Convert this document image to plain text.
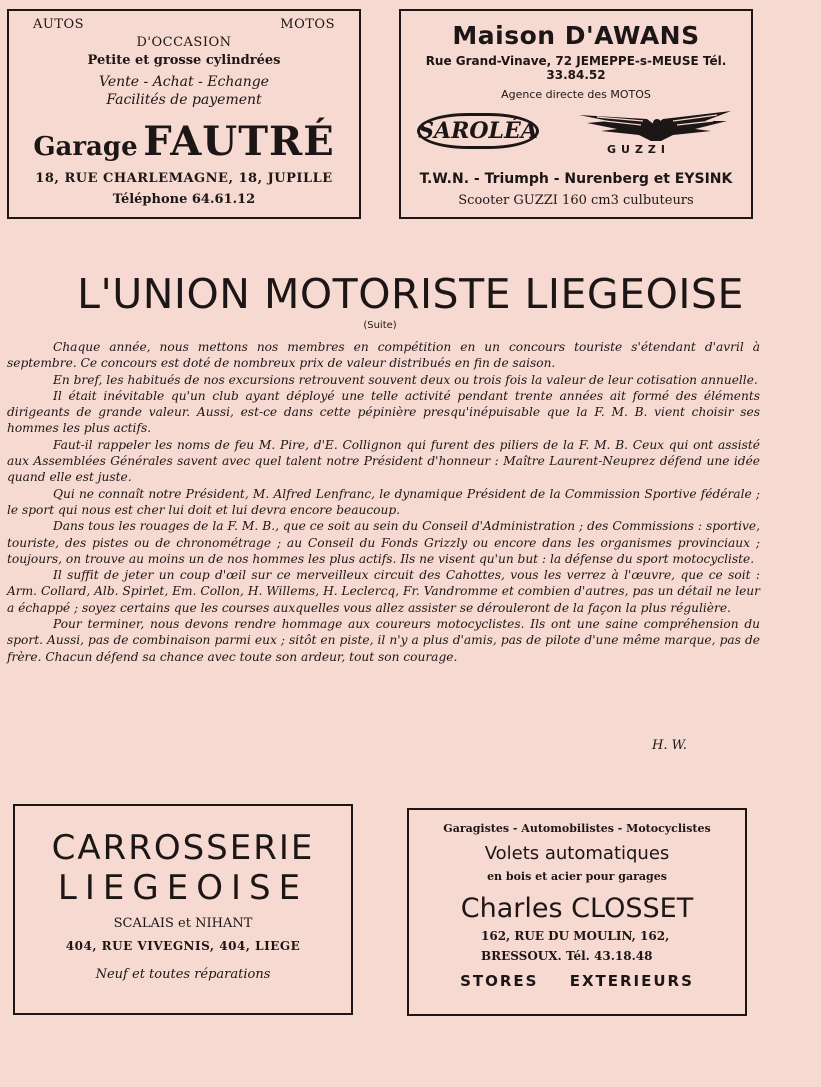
AUTOS	MOTOS

D'OCCASION

Petite et grosse cylindrées

Vente - Achat - Echange

Facilités de payement

Garage FAUTRÉ

18, RUE CHARLEMAGNE, 18, JUPILLE

Téléphone 64.61.12

Maison D'AWANS

Rue Grand-Vinave, 72 JEMEPPE-s-MEUSE Tél. 33.84.52

Agence directe des MOTOS

SAROLÉA
GUZZI

T.W.N. - Triumph - Nurenberg et EYSINK

Scooter GUZZI 160 cm3 culbuteurs

L'UNION MOTORISTE LIEGEOISE
(Suite)

Chaque année, nous mettons nos membres en compétition en un concours touriste s'étendant d'avril à septembre. Ce concours est doté de nombreux prix de valeur distribués en fin de saison.

En bref, les habitués de nos excursions retrouvent souvent deux ou trois fois la valeur de leur cotisation annuelle.

Il était inévitable qu'un club ayant déployé une telle activité pendant trente années ait formé des éléments dirigeants de grande valeur. Aussi, est-ce dans cette pépinière presqu'inépuisable que la F. M. B. vient choisir ses hommes les plus actifs.

Faut-il rappeler les noms de feu M. Pire, d'E. Collignon qui furent des piliers de la F. M. B. Ceux qui ont assisté aux Assemblées Générales savent avec quel talent notre Président d'honneur : Maître Laurent-Neuprez défend une idée quand elle est juste.

Qui ne connaît notre Président, M. Alfred Lenfranc, le dynamique Président de la Commission Sportive fédérale ; le sport qui nous est cher lui doit et lui devra encore beaucoup.

Dans tous les rouages de la F. M. B., que ce soit au sein du Conseil d'Administration ; des Commissions : sportive, touriste, des pistes ou de chronométrage ; au Conseil du Fonds Grizzly ou encore dans les organismes provinciaux ; toujours, on trouve au moins un de nos hommes les plus actifs. Ils ne visent qu'un but : la défense du sport motocycliste.

Il suffit de jeter un coup d'œil sur ce merveilleux circuit des Cahottes, vous les verrez à l'œuvre, que ce soit : Arm. Collard, Alb. Spirlet, Em. Collon, H. Willems, H. Leclercq, Fr. Vandromme et combien d'autres, pas un détail ne leur a échappé ; soyez certains que les courses auxquelles vous allez assister se dérouleront de la façon la plus régulière.

Pour terminer, nous devons rendre hommage aux coureurs motocyclistes. Ils ont une saine compréhension du sport. Aussi, pas de combinaison parmi eux ; sitôt en piste, il n'y a plus d'amis, pas de pilote d'une même marque, pas de frère. Chacun défend sa chance avec toute son ardeur, tout son courage.

H. W.

CARROSSERIE

LIEGEOISE

SCALAIS et NIHANT

404, RUE VIVEGNIS, 404, LIEGE

Neuf et toutes réparations

Garagistes - Automobilistes - Motocyclistes

Volets automatiques

en bois et acier pour garages

Charles CLOSSET

162, RUE DU MOULIN, 162,

BRESSOUX. Tél. 43.18.48

STORES EXTERIEURS
